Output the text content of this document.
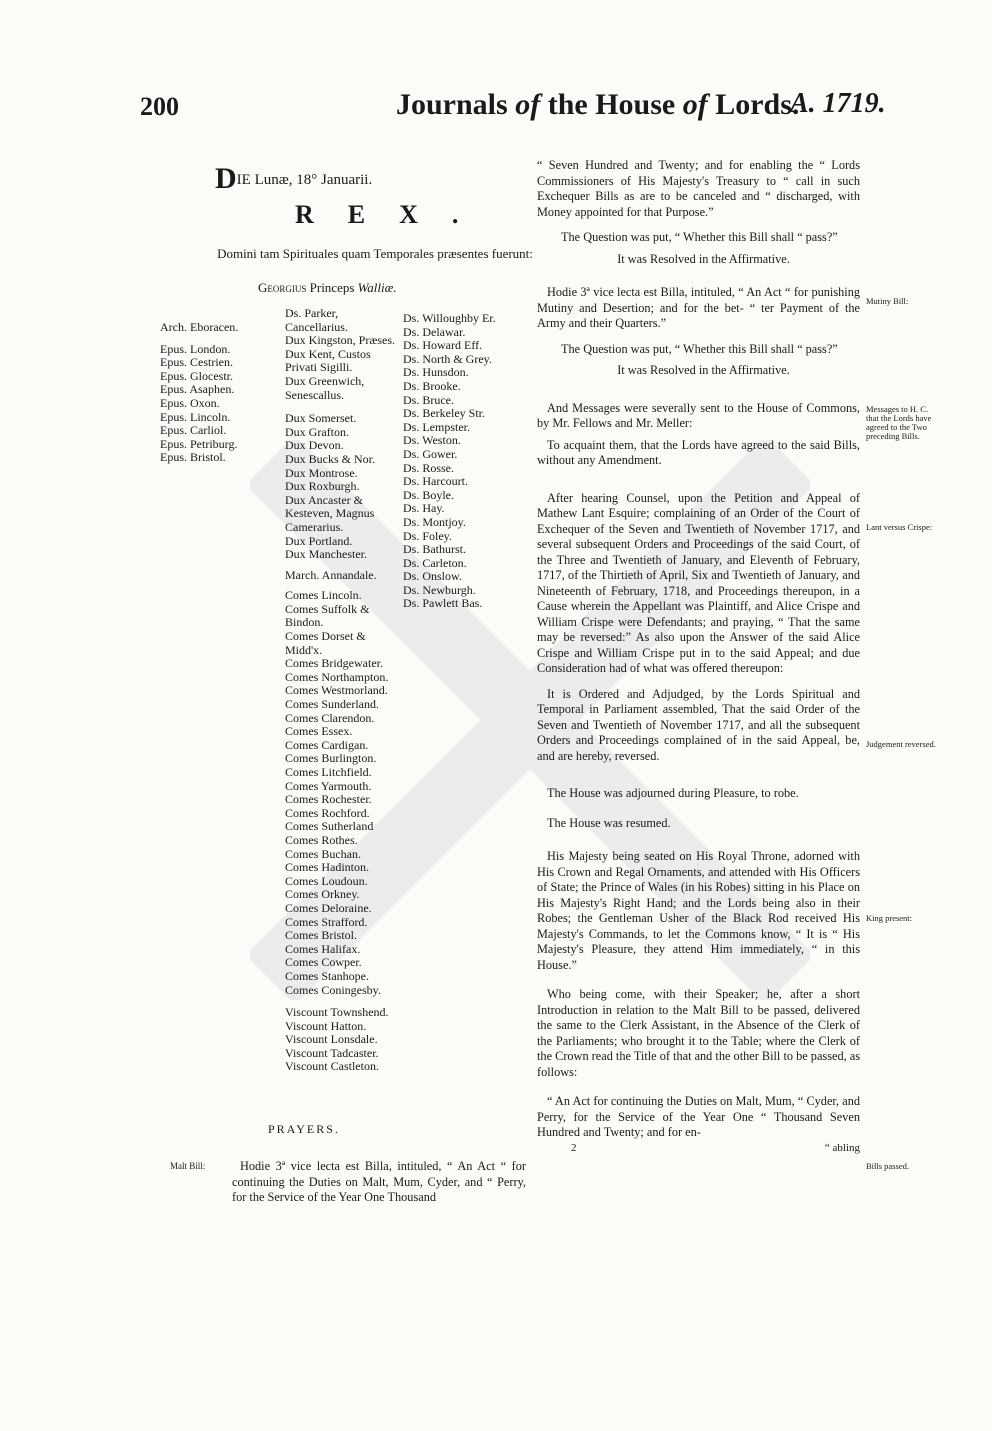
200	Journals of the House of Lords.
A. 1719.
DIE Lunæ, 18° Januarii.
REX.
Domini tam Spirituales quam Temporales præsentes fuerunt:
Georgius Princeps Walliæ.
Arch. Eboracen.
Epus. London.
Epus. Cestrien.
Epus. Glocestr.
Epus. Asaphen.
Epus. Oxon.
Epus. Lincoln.
Epus. Carliol.
Epus. Petriburg.
Epus. Bristol.
Ds. Parker, Cancellarius.
Dux Kingston, Præses.
Dux Kent, Custos Privati Sigilli.
Dux Greenwich, Senescallus.
Dux Somerset.
Dux Grafton.
Dux Devon.
Dux Bucks & Nor.
Dux Montrose.
Dux Roxburgh.
Dux Ancaster & Kesteven, Magnus Camerarius.
Dux Portland.
Dux Manchester.
March. Annandale.
Comes Lincoln.
Comes Suffolk & Bindon.
Comes Dorset & Midd'x.
Comes Bridgewater.
Comes Northampton.
Comes Westmorland.
Comes Sunderland.
Comes Clarendon.
Comes Essex.
Comes Cardigan.
Comes Burlington.
Comes Litchfield.
Comes Yarmouth.
Comes Rochester.
Comes Rochford.
Comes Sutherland
Comes Rothes.
Comes Buchan.
Comes Hadinton.
Comes Loudoun.
Comes Orkney.
Comes Deloraine.
Comes Strafford.
Comes Bristol.
Comes Halifax.
Comes Cowper.
Comes Stanhope.
Comes Coningesby.
Viscount Townshend.
Viscount Hatton.
Viscount Lonsdale.
Viscount Tadcaster.
Viscount Castleton.
Ds. Willoughby Er.
Ds. Delawar.
Ds. Howard Eff.
Ds. North & Grey.
Ds. Hunsdon.
Ds. Brooke.
Ds. Bruce.
Ds. Berkeley Str.
Ds. Lempster.
Ds. Weston.
Ds. Gower.
Ds. Rosse.
Ds. Harcourt.
Ds. Boyle.
Ds. Hay.
Ds. Montjoy.
Ds. Foley.
Ds. Bathurst.
Ds. Carleton.
Ds. Onslow.
Ds. Newburgh.
Ds. Pawlett Bas.
PRAYERS.
Malt Bill:	Hodie 3ª vice lecta est Billa, intituled, “ An Act “ for continuing the Duties on Malt, Mum, Cyder, and “ Perry, for the Service of the Year One Thousand

“ Seven Hundred and Twenty; and for enabling the “ Lords Commissioners of His Majesty's Treasury to “ call in such Exchequer Bills as are to be canceled and “ discharged, with Money appointed for that Purpose.”

The Question was put, “ Whether this Bill shall “ pass?”

It was Resolved in the Affirmative.

Hodie 3ª vice lecta est Billa, intituled, “ An Act “ for punishing Mutiny and Desertion; and for the bet- “ ter Payment of the Army and their Quarters.”

The Question was put, “ Whether this Bill shall “ pass?”

It was Resolved in the Affirmative.

And Messages were severally sent to the House of Commons, by Mr. Fellows and Mr. Meller:

To acquaint them, that the Lords have agreed to the said Bills, without any Amendment.

After hearing Counsel, upon the Petition and Appeal of Mathew Lant Esquire; complaining of an Order of the Court of Exchequer of the Seven and Twentieth of November 1717, and several subsequent Orders and Proceedings of the said Court, of the Three and Twentieth of January, and Eleventh of February, 1717, of the Thirtieth of April, Six and Twentieth of January, and Nineteenth of February, 1718, and Proceedings thereupon, in a Cause wherein the Appellant was Plaintiff, and Alice Crispe and William Crispe were Defendants; and praying, “ That the same may be reversed:” As also upon the Answer of the said Alice Crispe and William Crispe put in to the said Appeal; and due Consideration had of what was offered thereupon:

It is Ordered and Adjudged, by the Lords Spiritual and Temporal in Parliament assembled, That the said Order of the Seven and Twentieth of November 1717, and all the subsequent Orders and Proceedings complained of in the said Appeal, be, and are hereby, reversed.

The House was adjourned during Pleasure, to robe.

The House was resumed.

His Majesty being seated on His Royal Throne, adorned with His Crown and Regal Ornaments, and attended with His Officers of State; the Prince of Wales (in his Robes) sitting in his Place on His Majesty's Right Hand; and the Lords being also in their Robes; the Gentleman Usher of the Black Rod received His Majesty's Commands, to let the Commons know, “ It is “ His Majesty's Pleasure, they attend Him immediately, “ in this House.”

Who being come, with their Speaker; he, after a short Introduction in relation to the Malt Bill to be passed, delivered the same to the Clerk Assistant, in the Absence of the Clerk of the Parliaments; who brought it to the Table; where the Clerk of the Crown read the Title of that and the other Bill to be passed, as follows:

“ An Act for continuing the Duties on Malt, Mum, “ Cyder, and Perry, for the Service of the Year One “ Thousand Seven Hundred and Twenty; and for en-

2	“ abling
Mutiny Bill:
Messages to H. C. that the Lords have agreed to the Two preceding Bills.
Lant versus Crispe:
Judgement reversed.
King present:
Bills passed.
